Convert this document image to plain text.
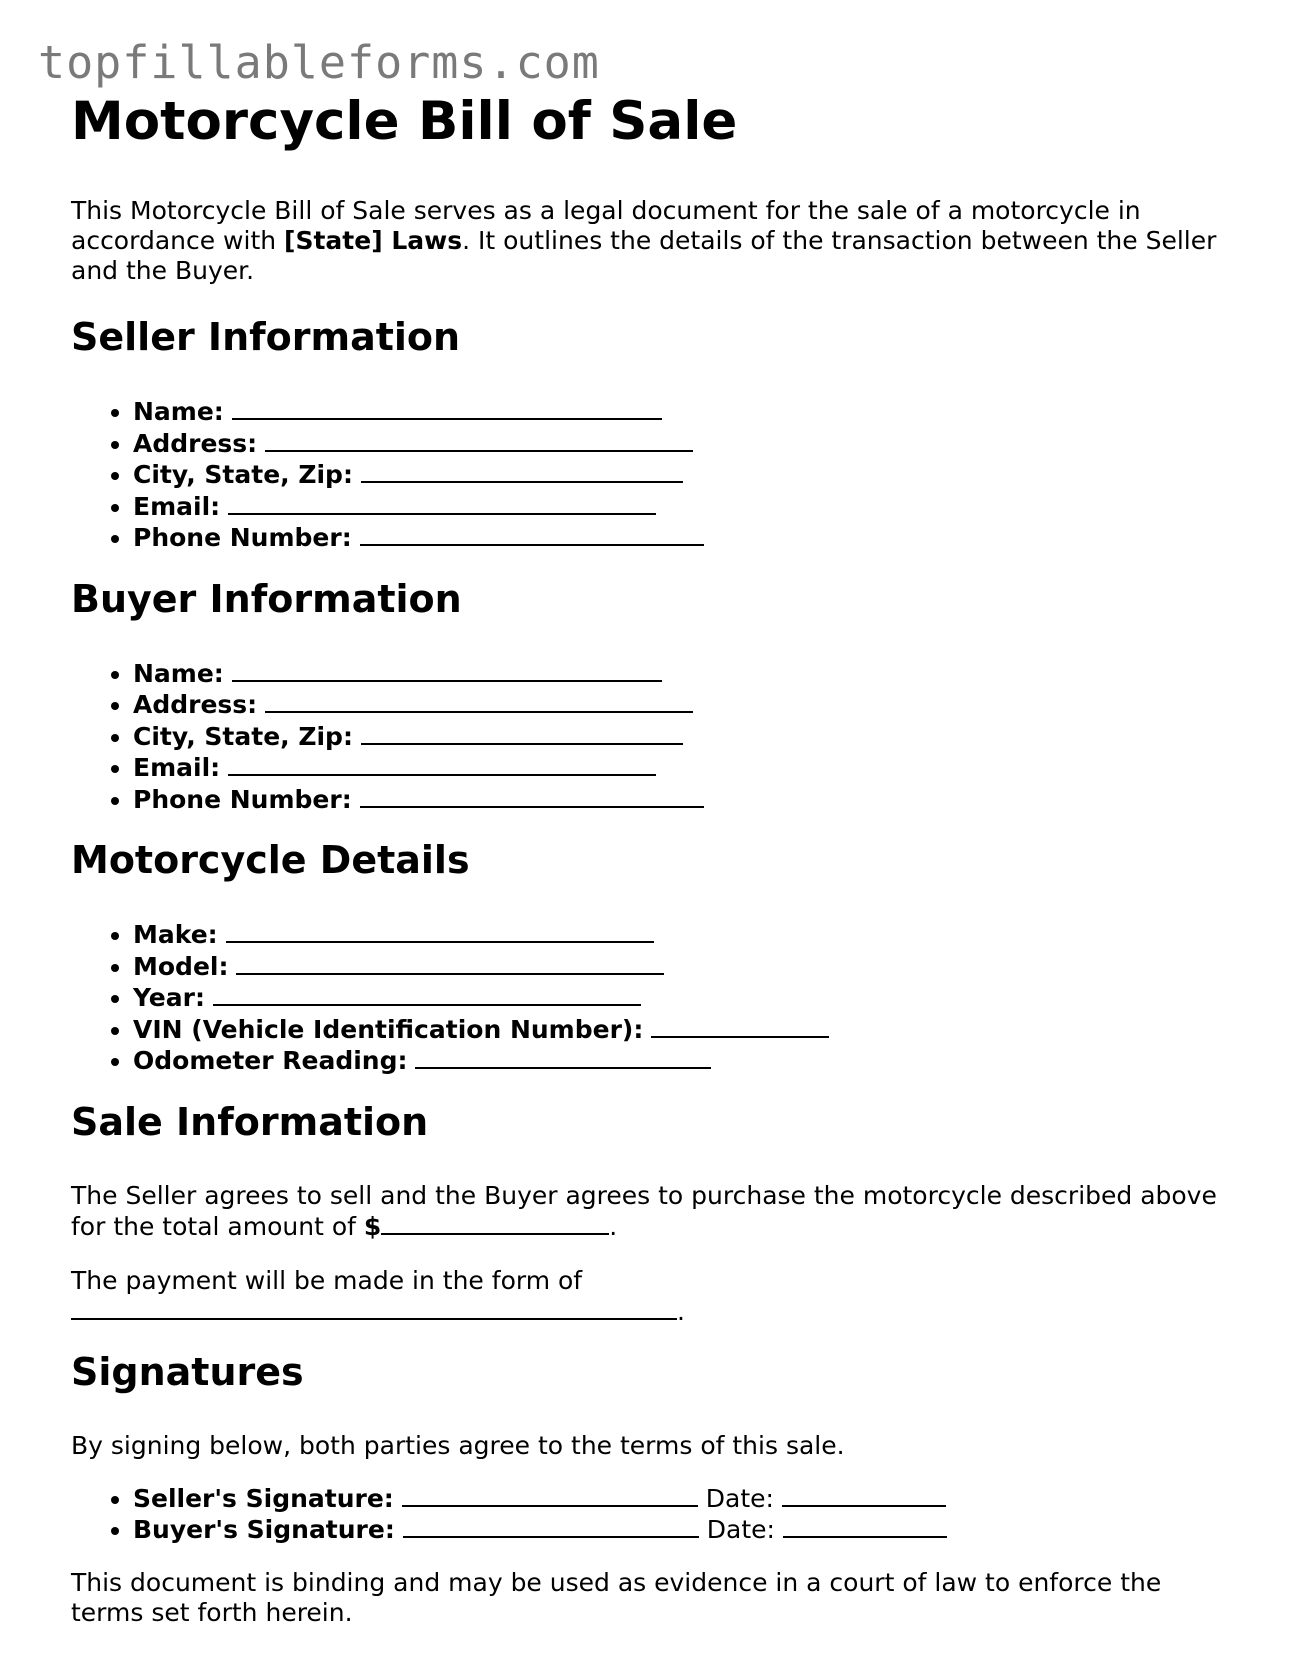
topfillableforms.com
Motorcycle Bill of Sale

This Motorcycle Bill of Sale serves as a legal document for the sale of a motorcycle in accordance with [State] Laws. It outlines the details of the transaction between the Seller and the Buyer.

Seller Information
• Name:
• Address:
• City, State, Zip:
• Email:
• Phone Number:
Buyer Information
• Name:
• Address:
• City, State, Zip:
• Email:
• Phone Number:
Motorcycle Details
• Make:
• Model:
• Year:
• VIN (Vehicle Identification Number):
• Odometer Reading:
Sale Information

The Seller agrees to sell and the Buyer agrees to purchase the motorcycle described above for the total amount of $	.

The payment will be made in the form of
.

Signatures

By signing below, both parties agree to the terms of this sale.

• Seller's Signature:	Date:
• Buyer's Signature:	Date:

This document is binding and may be used as evidence in a court of law to enforce the terms set forth herein.
